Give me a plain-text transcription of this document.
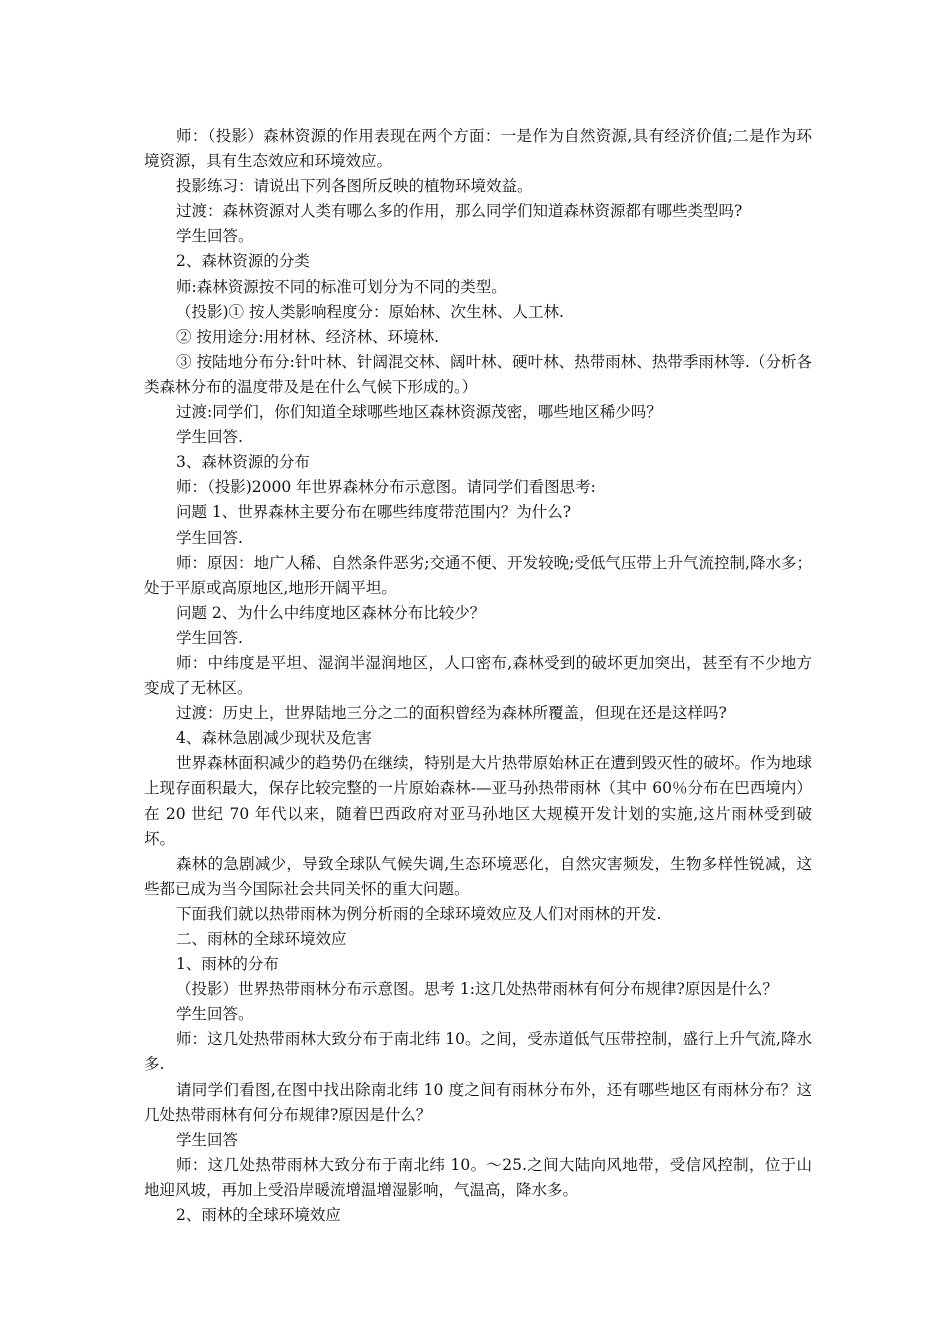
师：（投影）森林资源的作用表现在两个方面：一是作为自然资源,具有经济价值;二是作为环境资源，具有生态效应和环境效应。

投影练习：请说出下列各图所反映的植物环境效益。

过渡：森林资源对人类有哪么多的作用，那么同学们知道森林资源都有哪些类型吗?

学生回答。

2、森林资源的分类

师:森林资源按不同的标准可划分为不同的类型。

（投影)① 按人类影响程度分：原始林、次生林、人工林.

② 按用途分:用材林、经济林、环境林.

③ 按陆地分布分:针叶林、针阔混交林、阔叶林、硬叶林、热带雨林、热带季雨林等.（分析各类森林分布的温度带及是在什么气候下形成的。）

过渡:同学们，你们知道全球哪些地区森林资源茂密，哪些地区稀少吗？

学生回答.

3、森林资源的分布

师：（投影)2000 年世界森林分布示意图。请同学们看图思考:

问题 1、世界森林主要分布在哪些纬度带范围内？为什么?

学生回答.

师：原因：地广人稀、自然条件恶劣;交通不便、开发较晚;受低气压带上升气流控制,降水多；处于平原或高原地区,地形开阔平坦。

问题 2、为什么中纬度地区森林分布比较少？

学生回答.

师：中纬度是平坦、湿润半湿润地区，人口密布,森林受到的破坏更加突出，甚至有不少地方变成了无林区。

过渡：历史上，世界陆地三分之二的面积曾经为森林所覆盖，但现在还是这样吗?

4、森林急剧减少现状及危害

世界森林面积减少的趋势仍在继续，特别是大片热带原始林正在遭到毁灭性的破坏。作为地球上现存面积最大，保存比较完整的一片原始森林-—亚马孙热带雨林（其中 60％分布在巴西境内）在 20 世纪 70 年代以来，随着巴西政府对亚马孙地区大规模开发计划的实施,这片雨林受到破坏。

森林的急剧减少，导致全球队气候失调,生态环境恶化，自然灾害频发，生物多样性锐减，这些都已成为当今国际社会共同关怀的重大问题。

下面我们就以热带雨林为例分析雨的全球环境效应及人们对雨林的开发.

二、雨林的全球环境效应

1、雨林的分布

（投影）世界热带雨林分布示意图。思考 1:这几处热带雨林有何分布规律?原因是什么？

学生回答。

师：这几处热带雨林大致分布于南北纬 10。之间，受赤道低气压带控制，盛行上升气流,降水多.

请同学们看图,在图中找出除南北纬 10 度之间有雨林分布外，还有哪些地区有雨林分布？这几处热带雨林有何分布规律?原因是什么？

学生回答

师：这几处热带雨林大致分布于南北纬 10。～25.之间大陆向风地带，受信风控制，位于山地迎风坡，再加上受沿岸暖流增温增湿影响，气温高，降水多。

2、雨林的全球环境效应
